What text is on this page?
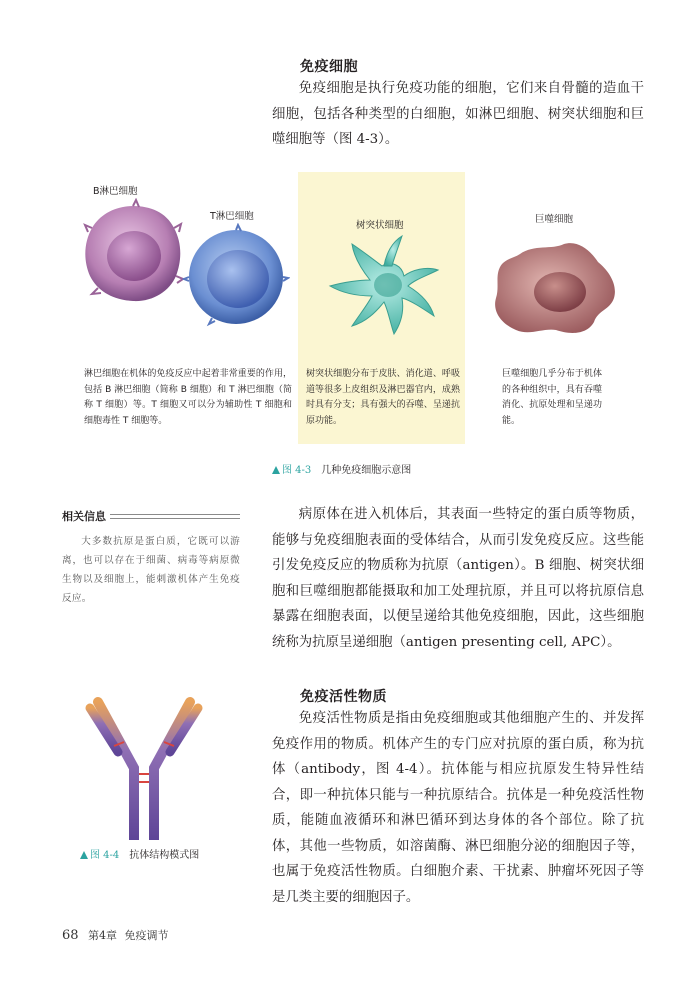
免疫细胞

免疫细胞是执行免疫功能的细胞，它们来自骨髓的造血干细胞，包括各种类型的白细胞，如淋巴细胞、树突状细胞和巨噬细胞等（图 4-3）。

B淋巴细胞
T淋巴细胞
树突状细胞
巨噬细胞

淋巴细胞在机体的免疫反应中起着非常重要的作用，包括 B 淋巴细胞（简称 B 细胞）和 T 淋巴细胞（简称 T 细胞）等。T 细胞又可以分为辅助性 T 细胞和细胞毒性 T 细胞等。

树突状细胞分布于皮肤、消化道、呼吸道等很多上皮组织及淋巴器官内，成熟时具有分支；具有强大的吞噬、呈递抗原功能。

巨噬细胞几乎分布于机体的各种组织中，具有吞噬消化、抗原处理和呈递功能。

图 4-3 几种免疫细胞示意图
相关信息

大多数抗原是蛋白质，它既可以游离，也可以存在于细菌、病毒等病原微生物以及细胞上，能刺激机体产生免疫反应。

病原体在进入机体后，其表面一些特定的蛋白质等物质，能够与免疫细胞表面的受体结合，从而引发免疫反应。这些能引发免疫反应的物质称为抗原（antigen）。B 细胞、树突状细胞和巨噬细胞都能摄取和加工处理抗原，并且可以将抗原信息暴露在细胞表面，以便呈递给其他免疫细胞，因此，这些细胞统称为抗原呈递细胞（antigen presenting cell, APC）。

免疫活性物质

免疫活性物质是指由免疫细胞或其他细胞产生的、并发挥免疫作用的物质。机体产生的专门应对抗原的蛋白质，称为抗体（antibody，图 4-4）。抗体能与相应抗原发生特异性结合，即一种抗体只能与一种抗原结合。抗体是一种免疫活性物质，能随血液循环和淋巴循环到达身体的各个部位。除了抗体，其他一些物质，如溶菌酶、淋巴细胞分泌的细胞因子等，也属于免疫活性物质。白细胞介素、干扰素、肿瘤坏死因子等是几类主要的细胞因子。

图 4-4 抗体结构模式图
68 第4章 免疫调节
